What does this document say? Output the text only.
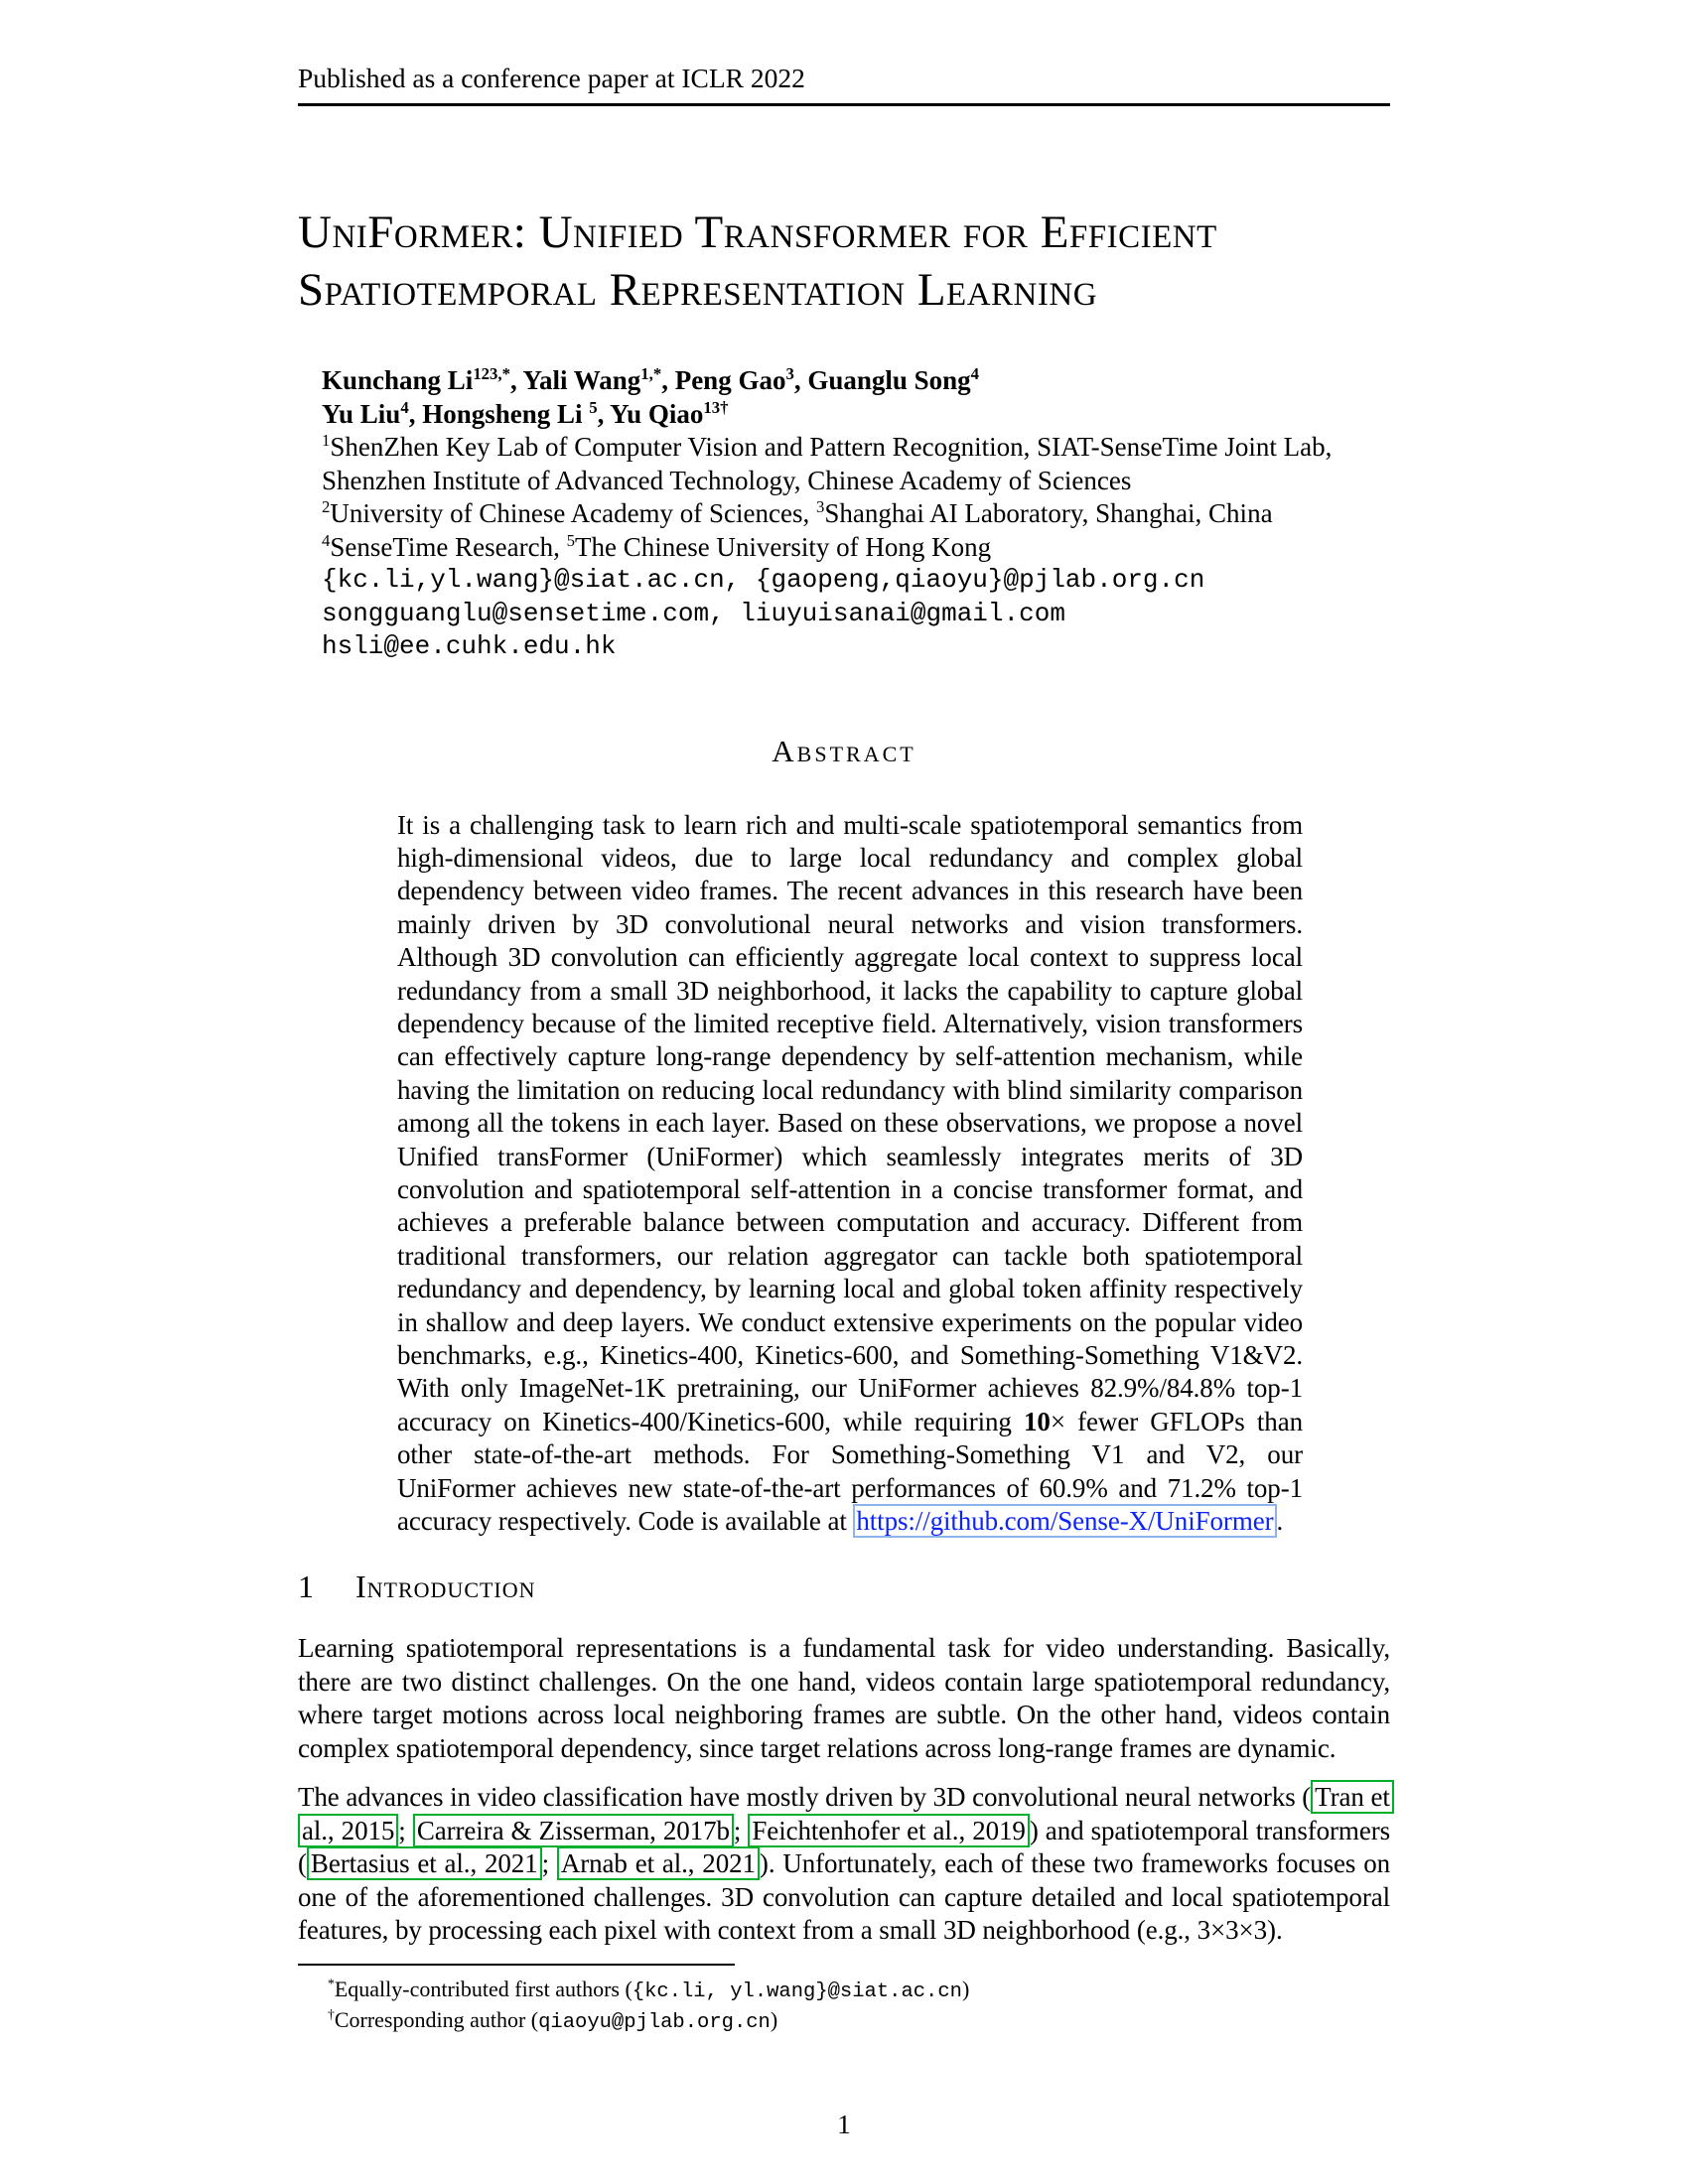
Published as a conference paper at ICLR 2022
UniFormer: Unified Transformer for Efficient
Spatiotemporal Representation Learning
Kunchang $Li^{123,*}$, Yali Wang$^{1,*}$, Peng Gao$^3$, Guanglu Song$^4$
Yu Liu$^4$, Hongsheng Li $^5$, Yu Qiao$^{13\dagger}$
$^1$ShenZhen Key Lab of Computer Vision and Pattern Recognition, SIAT-SenseTime Joint Lab, Shenzhen Institute of Advanced Technology, Chinese Academy of Sciences
$^2$University of Chinese Academy of Sciences, $^3$Shanghai AI Laboratory, Shanghai, China
$^4$SenseTime Research, $^5$The Chinese University of Hong Kong
{kc.li,yl.wang}@siat.ac.cn, {gaopeng,qiaoyu}@pjlab.org.cn
songguanglu@sensetime.com, liuyuisanai@gmail.com
hsli@ee.cuhk.edu.hk
Abstract

It is a challenging task to learn rich and multi-scale spatiotemporal semantics from high-dimensional videos, due to large local redundancy and complex global dependency between video frames. The recent advances in this research have been mainly driven by 3D convolutional neural networks and vision transformers. Although 3D convolution can efficiently aggregate local context to suppress local redundancy from a small 3D neighborhood, it lacks the capability to capture global dependency because of the limited receptive field. Alternatively, vision transformers can effectively capture long-range dependency by self-attention mechanism, while having the limitation on reducing local redundancy with blind similarity comparison among all the tokens in each layer. Based on these observations, we propose a novel Unified transFormer (UniFormer) which seamlessly integrates merits of 3D convolution and spatiotemporal self-attention in a concise transformer format, and achieves a preferable balance between computation and accuracy. Different from traditional transformers, our relation aggregator can tackle both spatiotemporal redundancy and dependency, by learning local and global token affinity respectively in shallow and deep layers. We conduct extensive experiments on the popular video benchmarks, e.g., Kinetics-400, Kinetics-600, and Something-Something V1&V2. With only ImageNet-1K pretraining, our UniFormer achieves 82.9%/84.8% top-1 accuracy on Kinetics-400/Kinetics-600, while requiring 10× fewer GFLOPs than other state-of-the-art methods. For Something-Something V1 and V2, our UniFormer achieves new state-of-the-art performances of 60.9% and 71.2% top-1 accuracy respectively. Code is available at https://github.com/Sense-X/UniFormer .

1 Introduction

Learning spatiotemporal representations is a fundamental task for video understanding. Basically, there are two distinct challenges. On the one hand, videos contain large spatiotemporal redundancy, where target motions across local neighboring frames are subtle. On the other hand, videos contain complex spatiotemporal dependency, since target relations across long-range frames are dynamic.

The advances in video classification have mostly driven by 3D convolutional neural networks ( Tran et al., 2015 ; Carreira & Zisserman, 2017b ; Feichtenhofer et al., 2019 ) and spatiotemporal transformers ( Bertasius et al., 2021 ; Arnab et al., 2021 ). Unfortunately, each of these two frameworks focuses on one of the aforementioned challenges. 3D convolution can capture detailed and local spatiotemporal features, by processing each pixel with context from a small 3D neighborhood (e.g., 3×3×3).

*Equally-contributed first authors ({kc.li, yl.wang}@siat.ac.cn)
†Corresponding author (qiaoyu@pjlab.org.cn)
1
